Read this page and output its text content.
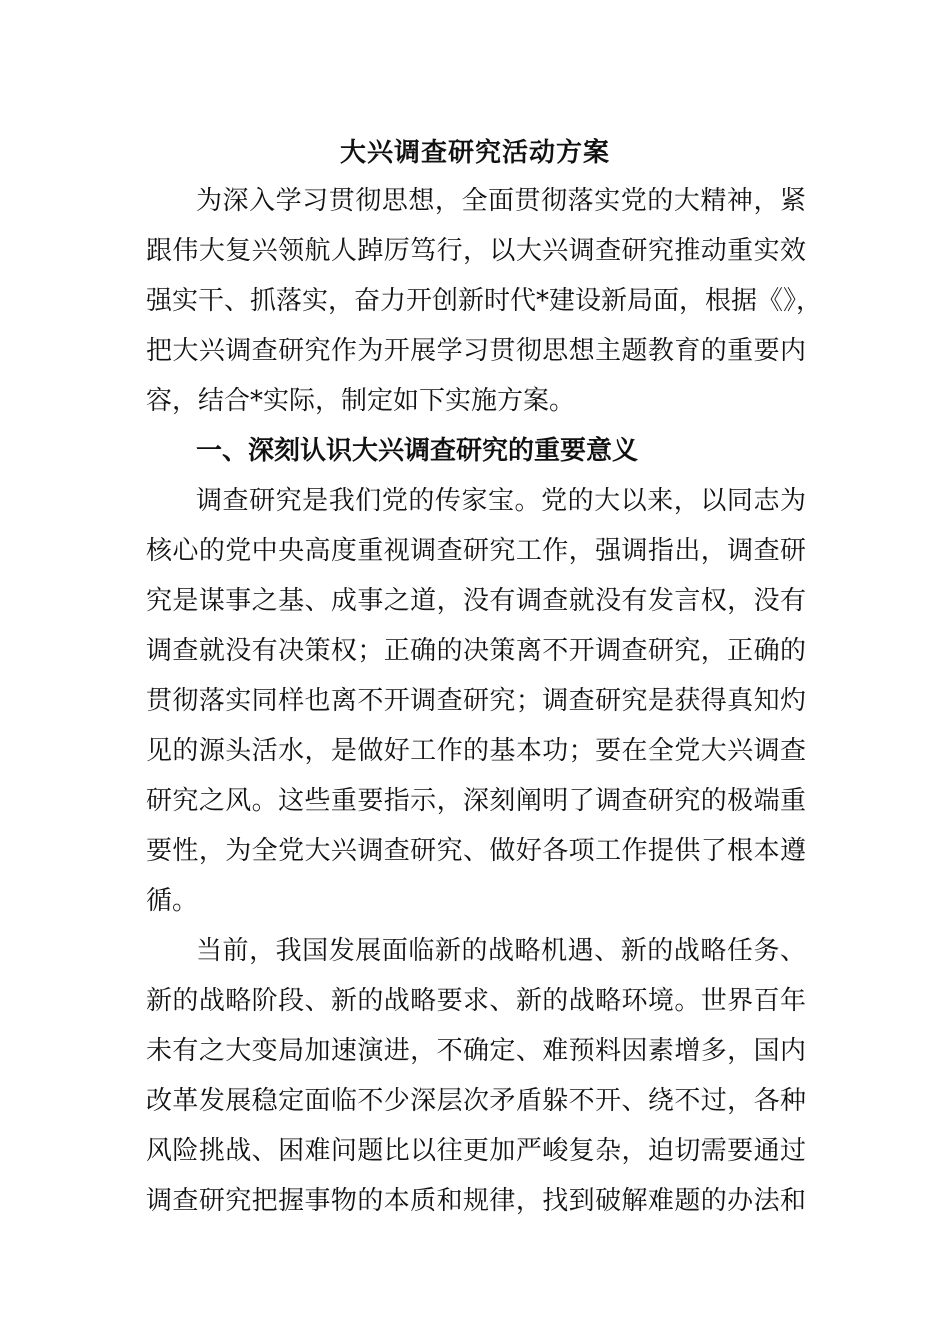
大兴调查研究活动方案
为深入学习贯彻思想，全面贯彻落实党的大精神，紧
跟伟大复兴领航人踔厉笃行，以大兴调查研究推动重实效
强实干、抓落实，奋力开创新时代*建设新局面，根据《》，
把大兴调查研究作为开展学习贯彻思想主题教育的重要内
容，结合*实际，制定如下实施方案。
一、深刻认识大兴调查研究的重要意义
调查研究是我们党的传家宝。党的大以来，以同志为
核心的党中央高度重视调查研究工作，强调指出，调查研
究是谋事之基、成事之道，没有调查就没有发言权，没有
调查就没有决策权；正确的决策离不开调查研究，正确的
贯彻落实同样也离不开调查研究；调查研究是获得真知灼
见的源头活水，是做好工作的基本功；要在全党大兴调查
研究之风。这些重要指示，深刻阐明了调查研究的极端重
要性，为全党大兴调查研究、做好各项工作提供了根本遵
循。
当前，我国发展面临新的战略机遇、新的战略任务、
新的战略阶段、新的战略要求、新的战略环境。世界百年
未有之大变局加速演进，不确定、难预料因素增多，国内
改革发展稳定面临不少深层次矛盾躲不开、绕不过，各种
风险挑战、困难问题比以往更加严峻复杂，迫切需要通过
调查研究把握事物的本质和规律，找到破解难题的办法和
